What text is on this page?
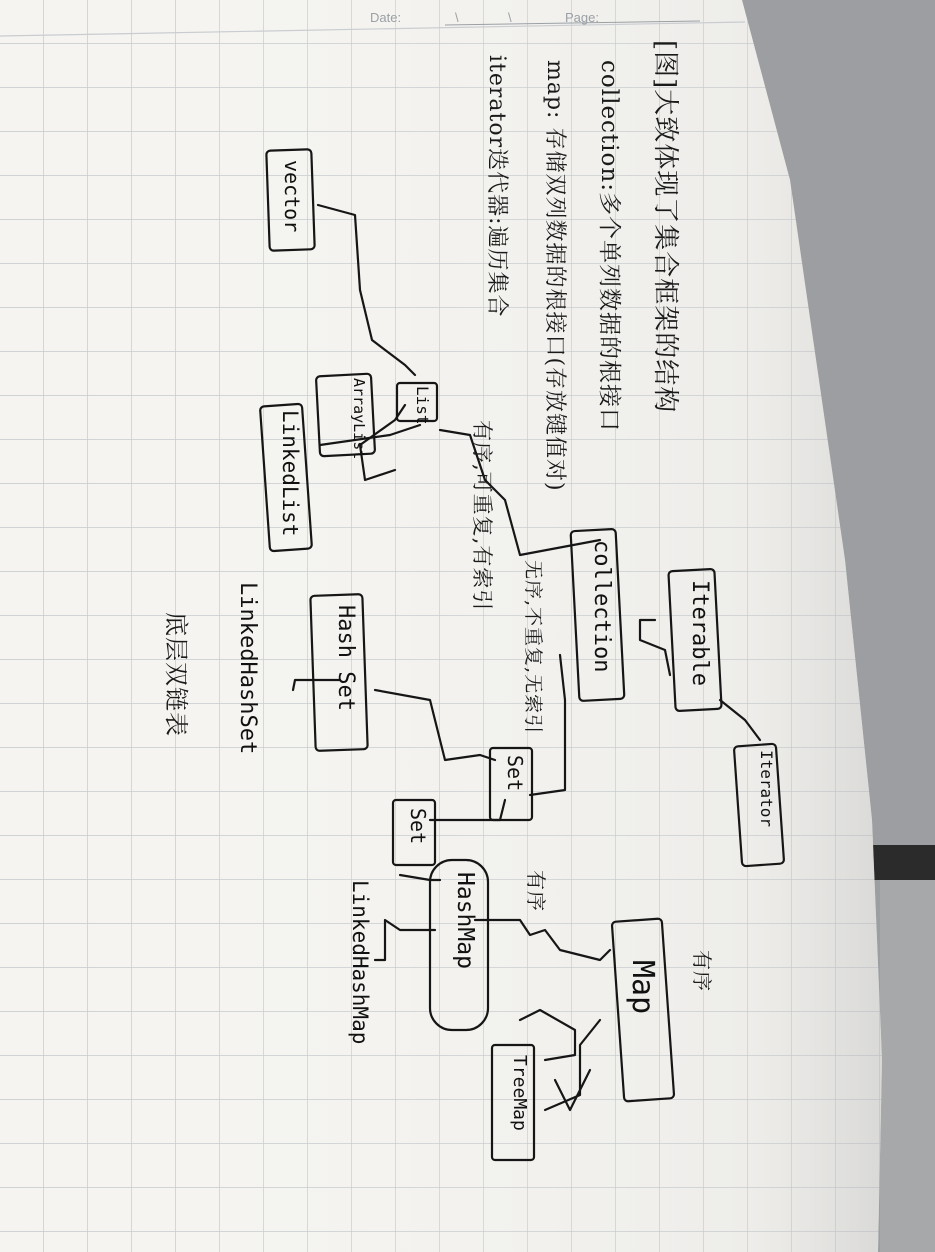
Date:	\	\	Page:
[图]大致体现了集合框架的结构
collection:多个单列数据的根接口
map: 存储双列数据的根接口(存放键值对)
iterator迭代器:遍历集合
有序,可重复,有索引
无序,不重复,无索引
有序
有序
底层双链表
vector
List
ArrayList
LinkedList
collection	Iterable
Hash Set
LinkedHashSet
Set
Set
HashMap
LinkedHashMap	Map
TreeMap
Iterator
